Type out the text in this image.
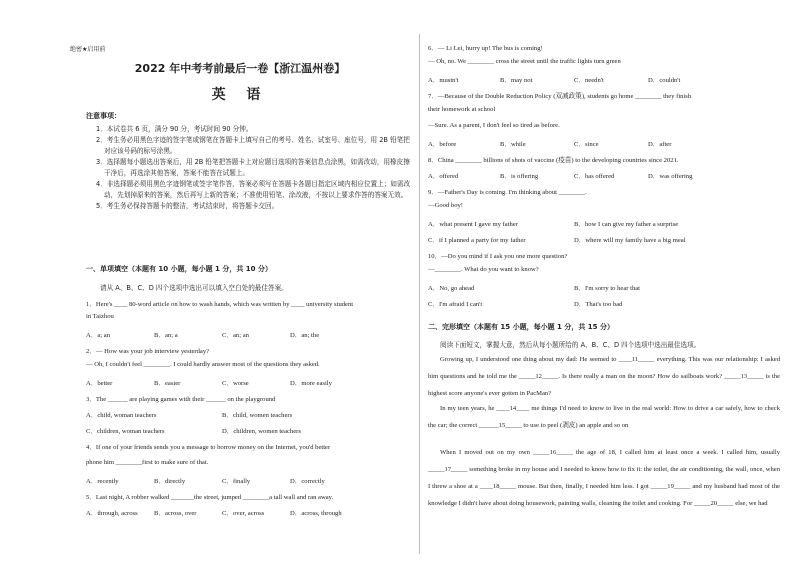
绝密★启用前
2022 年中考考前最后一卷【浙江温州卷】
英 语
注意事项：
1．本试卷共 6 页，满分 90 分，考试时间 90 分钟。
2．考生务必用黑色字迹的签字笔或钢笔在答题卡上填写自己的考号、姓名、试室号、座位号，用 2B 铅笔把对应该号码的标号涂黑。
3．选择题每小题选出答案后，用 2B 铅笔把答题卡上对应题目选项的答案信息点涂黑，如需改动，用橡皮擦干净后，再选涂其他答案，答案不能答在试题上。
4．非选择题必须用黑色字迹钢笔或签字笔作答，答案必须写在答题卡各题目指定区域内相应位置上；如需改动，先划掉原来的答案，然后再写上新的答案；不准使用铅笔、涂改液，不按以上要求作答的答案无效。
5．考生务必保持答题卡的整洁，考试结束时，将答题卡交回。
一、单项填空（本题有 10 小题，每小题 1 分，共 10 分）
请从 A、B、C、D 四个选项中选出可以填入空白处的最佳答案。
1．Here's ____ 80-word article on how to wash hands, which was written by ____ university student
in Taizhou
A．a; an	B．an; a	C．an; an	D．an; the
2．— How was your job interview yesterday?
— Oh, I couldn't feel ________. I could hardly answer most of the questions they asked.
A．better	B．easier	C．worse	D．more easily
3．The ______ are playing games with their ______ on the playground
A．child, woman teachers	B．child, women teachers
C．children, woman teachers	D．children, women teachers
4．If one of your friends sends you a message to borrow money on the Internet, you'd better
phone him ________first to make sure of that.
A．recently	B．directly	C．finally	D．correctly
5．Last night, A robber walked _______the street, jumped ________a tall wall and ran away.
A．through, across B．across, over	C．over, across	D．across, through
6．— Li Lei, hurry up! The bus is coming!
— Oh, no. We ________ cross the street until the traffic lights turn green
A．mustn't	B．may not	C．needn't	D．couldn't
7．—Because of the Double Reduction Policy (双减政策), students go home ________ they finish
their homework at school
—Sure. As a parent, I don't feel so tired as before.
A．before	B．while	C．since	D．after
8．China ________ billions of shots of vaccine (疫苗) to the developing countries since 2021.
A．offered	B．is offering	C．has offered	D．was offering
9．—Father's Day is coming. I'm thinking about ________.
—Good boy!
A．what present I gave my father	B．how I can give my father a surprise
C．if I planned a party for my father	D．where will my family have a big meal
10．—Do you mind if I ask you one more question?
—________. What do you want to know?
A．No, go ahead	B．I'm sorry to hear that
C．I'm afraid I can't	D．That's too bad
二、完形填空（本题有 15 小题，每小题 1 分，共 15 分）
阅读下面短文，掌握大意，然后从每小题所给的 A、B、C、D 四个选项中选出最佳选项。
Growing up, I understood one thing about my dad: He seemed to ____11_____ everything. This was our relationship: I asked him questions and he told me the _____12_____. Is there really a man on the moon? How do sailboats work? _____13_____ is the highest score anyone's ever gotten in PacMan?
In my teen years, he ____14____ me things I'd need to know to live in the real world: How to drive a car safely, how to check the car; the correct ______15_____ to use to peel (剥皮) an apple and so on
When I moved out on my own _____16_____ the age of 18, I called him at least once a week. I called him, usually _____17_____ something broke in my house and I needed to know how to fix it: the toilet, the air conditioning, the wall, once, when I threw a shoe at a ____18_____ mouse. But then, finally, I needed him less. I got _____19_____ and my husband had most of the knowledge I didn't have about doing housework, painting walls, cleaning the toilet and cooking. For _____20_____ else, we had
